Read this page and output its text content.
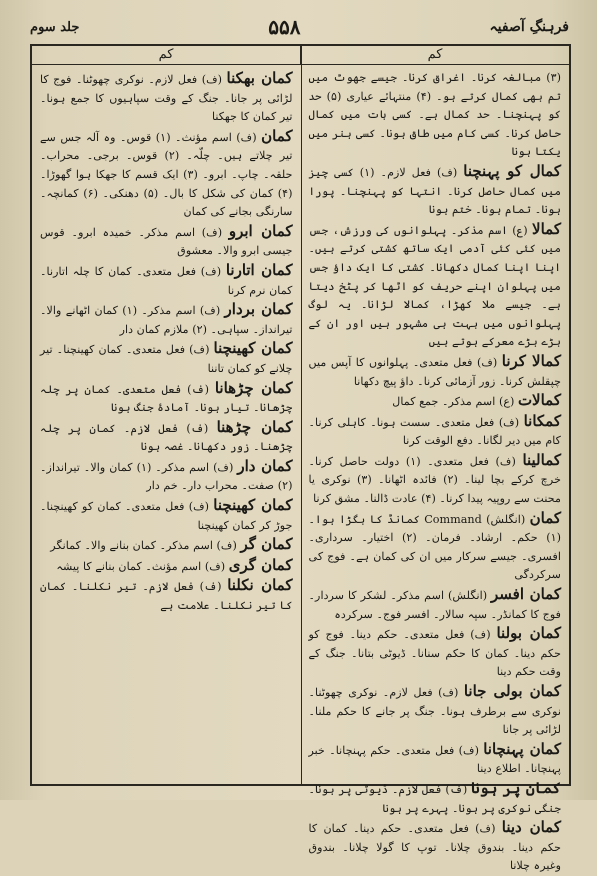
فرہنگِ آصفیہ
۵۵۸
جلد سوم
کم
کم

(۳) مبالغہ کرنا۔ اغراق کرنا۔ جیسے جھوٹ میں تم بھی کمال کرتے ہو۔ (۴) منتہائے عیاری (۵) حد کو پہنچنا۔ حد کمال ہے۔ کسی بات میں کمال حاصل کرنا۔ کسی کام میں طاق ہونا۔ کسی ہنر میں یکتا ہونا

کمال کو پہنچنا (ف) فعل لازم۔ (۱) کسی چیز میں کمال حاصل کرنا۔ انتہا کو پہنچنا۔ پورا ہونا۔ تمام ہونا۔ ختم ہونا

کمالا (ع) اسم مذکر۔ پہلوانوں کی ورزش، جس میں کئی کئی آدمی ایک ساتھ کشتی کرتے ہیں۔ اپنا اپنا کمال دکھانا۔ کشتی کا ایک داؤ جس میں پہلوان اپنے حریف کو اٹھا کر پٹخ دیتا ہے۔ جیسے ملا کھڑا، کمالا لڑانا۔ یہ لوگ پہلوانوں میں بہت ہی مشہور ہیں اور ان کے بڑے بڑے معرکے ہوتے ہیں

کمالا کرنا (ف) فعل متعدی۔ پہلوانوں کا آپس میں چپقلش کرنا۔ زور آزمائی کرنا۔ داؤ پیچ دکھانا

کمالات (ع) اسم مذکر۔ جمع کمال

کمکانا (ف) فعل متعدی۔ سست ہونا۔ کاہلی کرنا۔ کام میں دیر لگانا۔ دفع الوقت کرنا

کمالینا (ف) فعل متعدی۔ (۱) دولت حاصل کرنا۔ خرچ کرکے بچا لینا۔ (۲) فائدہ اٹھانا۔ (۳) نوکری یا محنت سے روپیہ پیدا کرنا۔ (۴) عادت ڈالنا۔ مشق کرنا

کمان (انگلش) Command کمانڈ کا بگڑا ہوا۔ (۱) حکم۔ ارشاد۔ فرمان۔ (۲) اختیار۔ سرداری۔ افسری۔ جیسے سرکار میں ان کی کمان ہے۔ فوج کی سرکردگی

کمان افسر (انگلش) اسم مذکر۔ لشکر کا سردار۔ فوج کا کمانڈر۔ سپہ سالار۔ افسر فوج۔ سرکردہ

کمان بولنا (ف) فعل متعدی۔ حکم دینا۔ فوج کو حکم دینا۔ کمان کا حکم سنانا۔ ڈیوٹی بتانا۔ جنگ کے وقت حکم دینا

کمان بولی جانا (ف) فعل لازم۔ نوکری چھوٹنا۔ نوکری سے برطرف ہونا۔ جنگ پر جانے کا حکم ملنا۔ لڑائی پر جانا

کمان پہنچانا (ف) فعل متعدی۔ حکم پہنچانا۔ خبر پہنچانا۔ اطلاع دینا

کمان پر ہونا (ف) فعل لازم۔ ڈیوٹی پر ہونا۔ جنگی نوکری پر ہونا۔ پہرے پر ہونا

کمان دینا (ف) فعل متعدی۔ حکم دینا۔ کمان کا حکم دینا۔ بندوق چلانا۔ توپ کا گولا چلانا۔ بندوق وغیرہ چلانا

کمان بھکنا (ف) فعل لازم۔ نوکری چھوٹنا۔ فوج کا لڑائی پر جانا۔ جنگ کے وقت سپاہیوں کا جمع ہونا۔ تیر کمان کا جھکنا

کمان (ف) اسم مؤنث۔ (۱) قوس۔ وہ آلہ جس سے تیر چلاتے ہیں۔ چلّہ۔ (۲) قوس۔ برجی۔ محراب۔ حلقہ۔ چاپ۔ ابرو۔ (۳) ایک قسم کا جھکا ہوا گھوڑا۔ (۴) کمان کی شکل کا بال۔ (۵) دھنکی۔ (۶) کمانچہ۔ سارنگی بجانے کی کمان

کمان ابرو (ف) اسم مذکر۔ خمیدہ ابرو۔ قوس جیسی ابرو والا۔ معشوق

کمان اتارنا (ف) فعل متعدی۔ کمان کا چلہ اتارنا۔ کمان نرم کرنا

کمان بردار (ف) اسم مذکر۔ (۱) کمان اٹھانے والا۔ تیرانداز۔ سپاہی۔ (۲) ملازم کمان دار

کمان کھینچنا (ف) فعل متعدی۔ کمان کھینچنا۔ تیر چلانے کو کمان تاننا

کمان چڑھانا (ف) فعل متعدی۔ کمان پر چلہ چڑھانا۔ تیار ہونا۔ آمادۂ جنگ ہونا

کمان چڑھنا (ف) فعل لازم۔ کمان پر چلہ چڑھنا۔ زور دکھانا۔ غصہ ہونا

کمان دار (ف) اسم مذکر۔ (۱) کمان والا۔ تیرانداز۔ (۲) صفت۔ محراب دار۔ خم دار

کمان کھینچنا (ف) فعل متعدی۔ کمان کو کھینچنا۔ جوڑ کر کمان کھینچنا

کمان گر (ف) اسم مذکر۔ کمان بنانے والا۔ کمانگر

کمان گری (ف) اسم مؤنث۔ کمان بنانے کا پیشہ

کمان نکلنا (ف) فعل لازم۔ تیر نکلنا۔ کمان کا تیر نکلنا۔ علامت ہے
